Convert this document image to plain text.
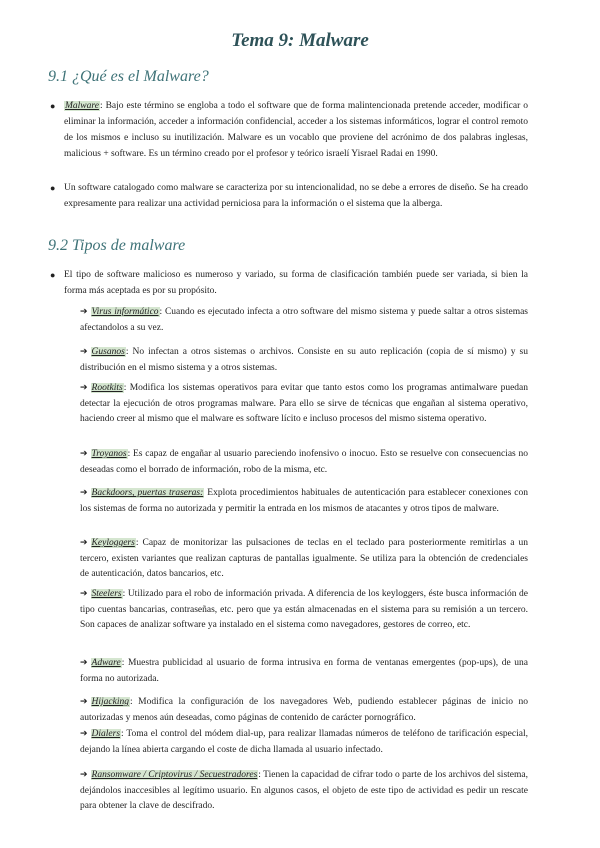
Tema 9: Malware
9.1 ¿Qué es el Malware?
● Malware: Bajo este término se engloba a todo el software que de forma malintencionada pretende acceder, modificar o eliminar la información, acceder a información confidencial, acceder a los sistemas informáticos, lograr el control remoto de los mismos e incluso su inutilización. Malware es un vocablo que proviene del acrónimo de dos palabras inglesas, malicious + software. Es un término creado por el profesor y teórico israelí Yisrael Radai en 1990.
● Un software catalogado como malware se caracteriza por su intencionalidad, no se debe a errores de diseño. Se ha creado expresamente para realizar una actividad perniciosa para la información o el sistema que la alberga.
9.2 Tipos de malware
● El tipo de software malicioso es numeroso y variado, su forma de clasificación también puede ser variada, si bien la forma más aceptada es por su propósito.
➔ Virus informático: Cuando es ejecutado infecta a otro software del mismo sistema y puede saltar a otros sistemas afectandolos a su vez.
➔ Gusanos: No infectan a otros sistemas o archivos. Consiste en su auto replicación (copia de sí mismo) y su distribución en el mismo sistema y a otros sistemas.
➔ Rootkits: Modifica los sistemas operativos para evitar que tanto estos como los programas antimalware puedan detectar la ejecución de otros programas malware. Para ello se sirve de técnicas que engañan al sistema operativo, haciendo creer al mismo que el malware es software lícito e incluso procesos del mismo sistema operativo.
➔ Troyanos: Es capaz de engañar al usuario pareciendo inofensivo o inocuo. Esto se resuelve con consecuencias no deseadas como el borrado de información, robo de la misma, etc.
➔ Backdoors, puertas traseras: Explota procedimientos habituales de autenticación para establecer conexiones con los sistemas de forma no autorizada y permitir la entrada en los mismos de atacantes y otros tipos de malware.
➔ Keyloggers: Capaz de monitorizar las pulsaciones de teclas en el teclado para posteriormente remitirlas a un tercero, existen variantes que realizan capturas de pantallas igualmente. Se utiliza para la obtención de credenciales de autenticación, datos bancarios, etc.
➔ Steelers: Utilizado para el robo de información privada. A diferencia de los keyloggers, éste busca información de tipo cuentas bancarias, contraseñas, etc. pero que ya están almacenadas en el sistema para su remisión a un tercero. Son capaces de analizar software ya instalado en el sistema como navegadores, gestores de correo, etc.
➔ Adware: Muestra publicidad al usuario de forma intrusiva en forma de ventanas emergentes (pop-ups), de una forma no autorizada.
➔ Hijacking: Modifica la configuración de los navegadores Web, pudiendo establecer páginas de inicio no autorizadas y menos aún deseadas, como páginas de contenido de carácter pornográfico.
➔ Dialers: Toma el control del módem dial-up, para realizar llamadas números de teléfono de tarificación especial, dejando la línea abierta cargando el coste de dicha llamada al usuario infectado.
➔ Ransomware / Criptovirus / Secuestradores: Tienen la capacidad de cifrar todo o parte de los archivos del sistema, dejándolos inaccesibles al legítimo usuario. En algunos casos, el objeto de este tipo de actividad es pedir un rescate para obtener la clave de descifrado.
